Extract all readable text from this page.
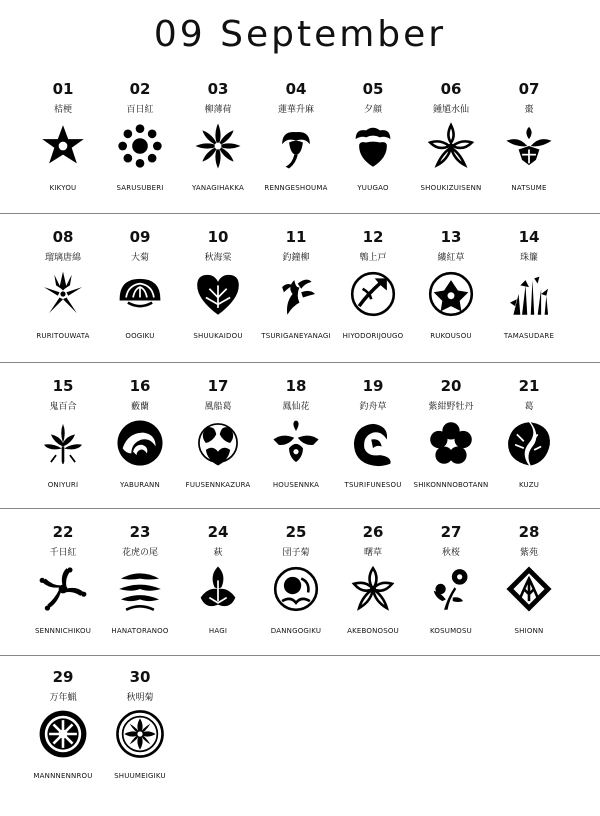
09 September
01
桔梗
KIKYOU
02
百日紅
SARUSUBERI
03
柳薄荷
YANAGIHAKKA
04
蓮華升麻
RENNGESHOUMA
05
夕顔
YUUGAO
06
鍾馗水仙
SHOUKIZUISENN
07
棗
NATSUME
08
瑠璃唐綿
RURITOUWATA
09
大菊
OOGIKU
10
秋海棠
SHUUKAIDOU
11
釣鐘柳
TSURIGANEYANAGI
12
鵯上戸
HIYODORIJOUGO
13
縷紅草
RUKOUSOU
14
珠簾
TAMASUDARE
15
鬼百合
ONIYURI
16
藪蘭
YABURANN
17
風船葛
FUUSENNKAZURA
18
鳳仙花
HOUSENNKA
19
釣舟草
TSURIFUNESOU
20
紫紺野牡丹
SHIKONNNOBOTANN
21
葛
KUZU
22
千日紅
SENNNICHIKOU
23
花虎の尾
HANATORANOO
24
萩
HAGI
25
団子菊
DANNGOGIKU
26
曙草
AKEBONOSOU
27
秋桜
KOSUMOSU
28
紫苑
SHIONN
29
万年蝋
MANNNENNROU
30
秋明菊
SHUUMEIGIKU
